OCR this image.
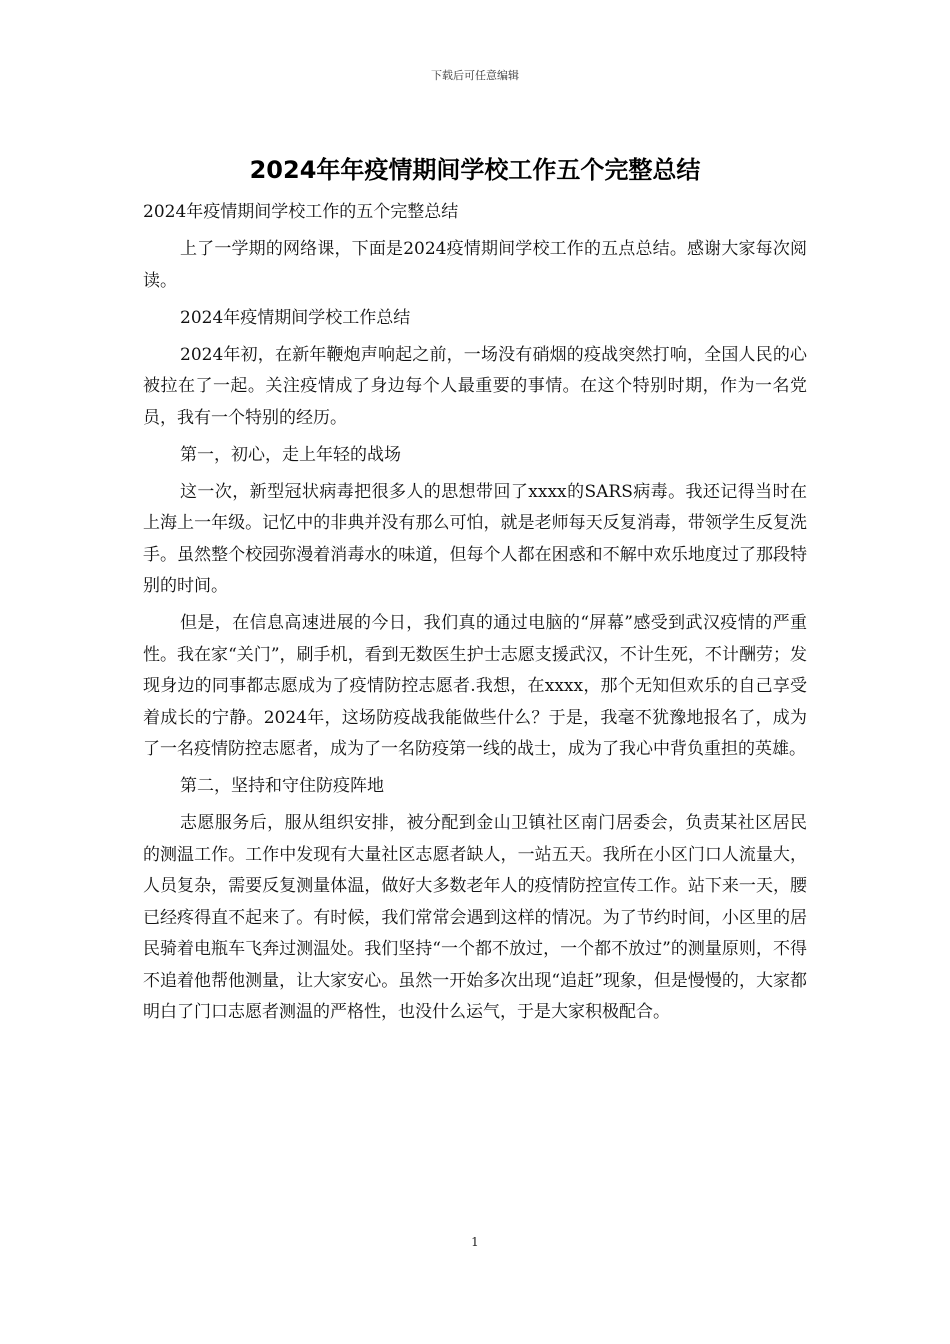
下载后可任意编辑
2024年年疫情期间学校工作五个完整总结

2024年疫情期间学校工作的五个完整总结

上了一学期的网络课，下面是2024疫情期间学校工作的五点总结。感谢大家每次阅读。

2024年疫情期间学校工作总结

2024年初，在新年鞭炮声响起之前，一场没有硝烟的疫战突然打响，全国人民的心被拉在了一起。关注疫情成了身边每个人最重要的事情。在这个特别时期，作为一名党员，我有一个特别的经历。

第一，初心，走上年轻的战场

这一次，新型冠状病毒把很多人的思想带回了xxxx的SARS病毒。我还记得当时在上海上一年级。记忆中的非典并没有那么可怕，就是老师每天反复消毒，带领学生反复洗手。虽然整个校园弥漫着消毒水的味道，但每个人都在困惑和不解中欢乐地度过了那段特别的时间。

但是，在信息高速进展的今日，我们真的通过电脑的“屏幕”感受到武汉疫情的严重性。我在家“关门”，刷手机，看到无数医生护士志愿支援武汉，不计生死，不计酬劳；发现身边的同事都志愿成为了疫情防控志愿者.我想，在xxxx，那个无知但欢乐的自己享受着成长的宁静。2024年，这场防疫战我能做些什么？于是，我毫不犹豫地报名了，成为了一名疫情防控志愿者，成为了一名防疫第一线的战士，成为了我心中背负重担的英雄。

第二，坚持和守住防疫阵地

志愿服务后，服从组织安排，被分配到金山卫镇社区南门居委会，负责某社区居民的测温工作。工作中发现有大量社区志愿者缺人，一站五天。我所在小区门口人流量大，人员复杂，需要反复测量体温，做好大多数老年人的疫情防控宣传工作。站下来一天，腰已经疼得直不起来了。有时候，我们常常会遇到这样的情况。为了节约时间，小区里的居民骑着电瓶车飞奔过测温处。我们坚持“一个都不放过，一个都不放过”的测量原则，不得不追着他帮他测量，让大家安心。虽然一开始多次出现“追赶”现象，但是慢慢的，大家都明白了门口志愿者测温的严格性，也没什么运气，于是大家积极配合。

1
